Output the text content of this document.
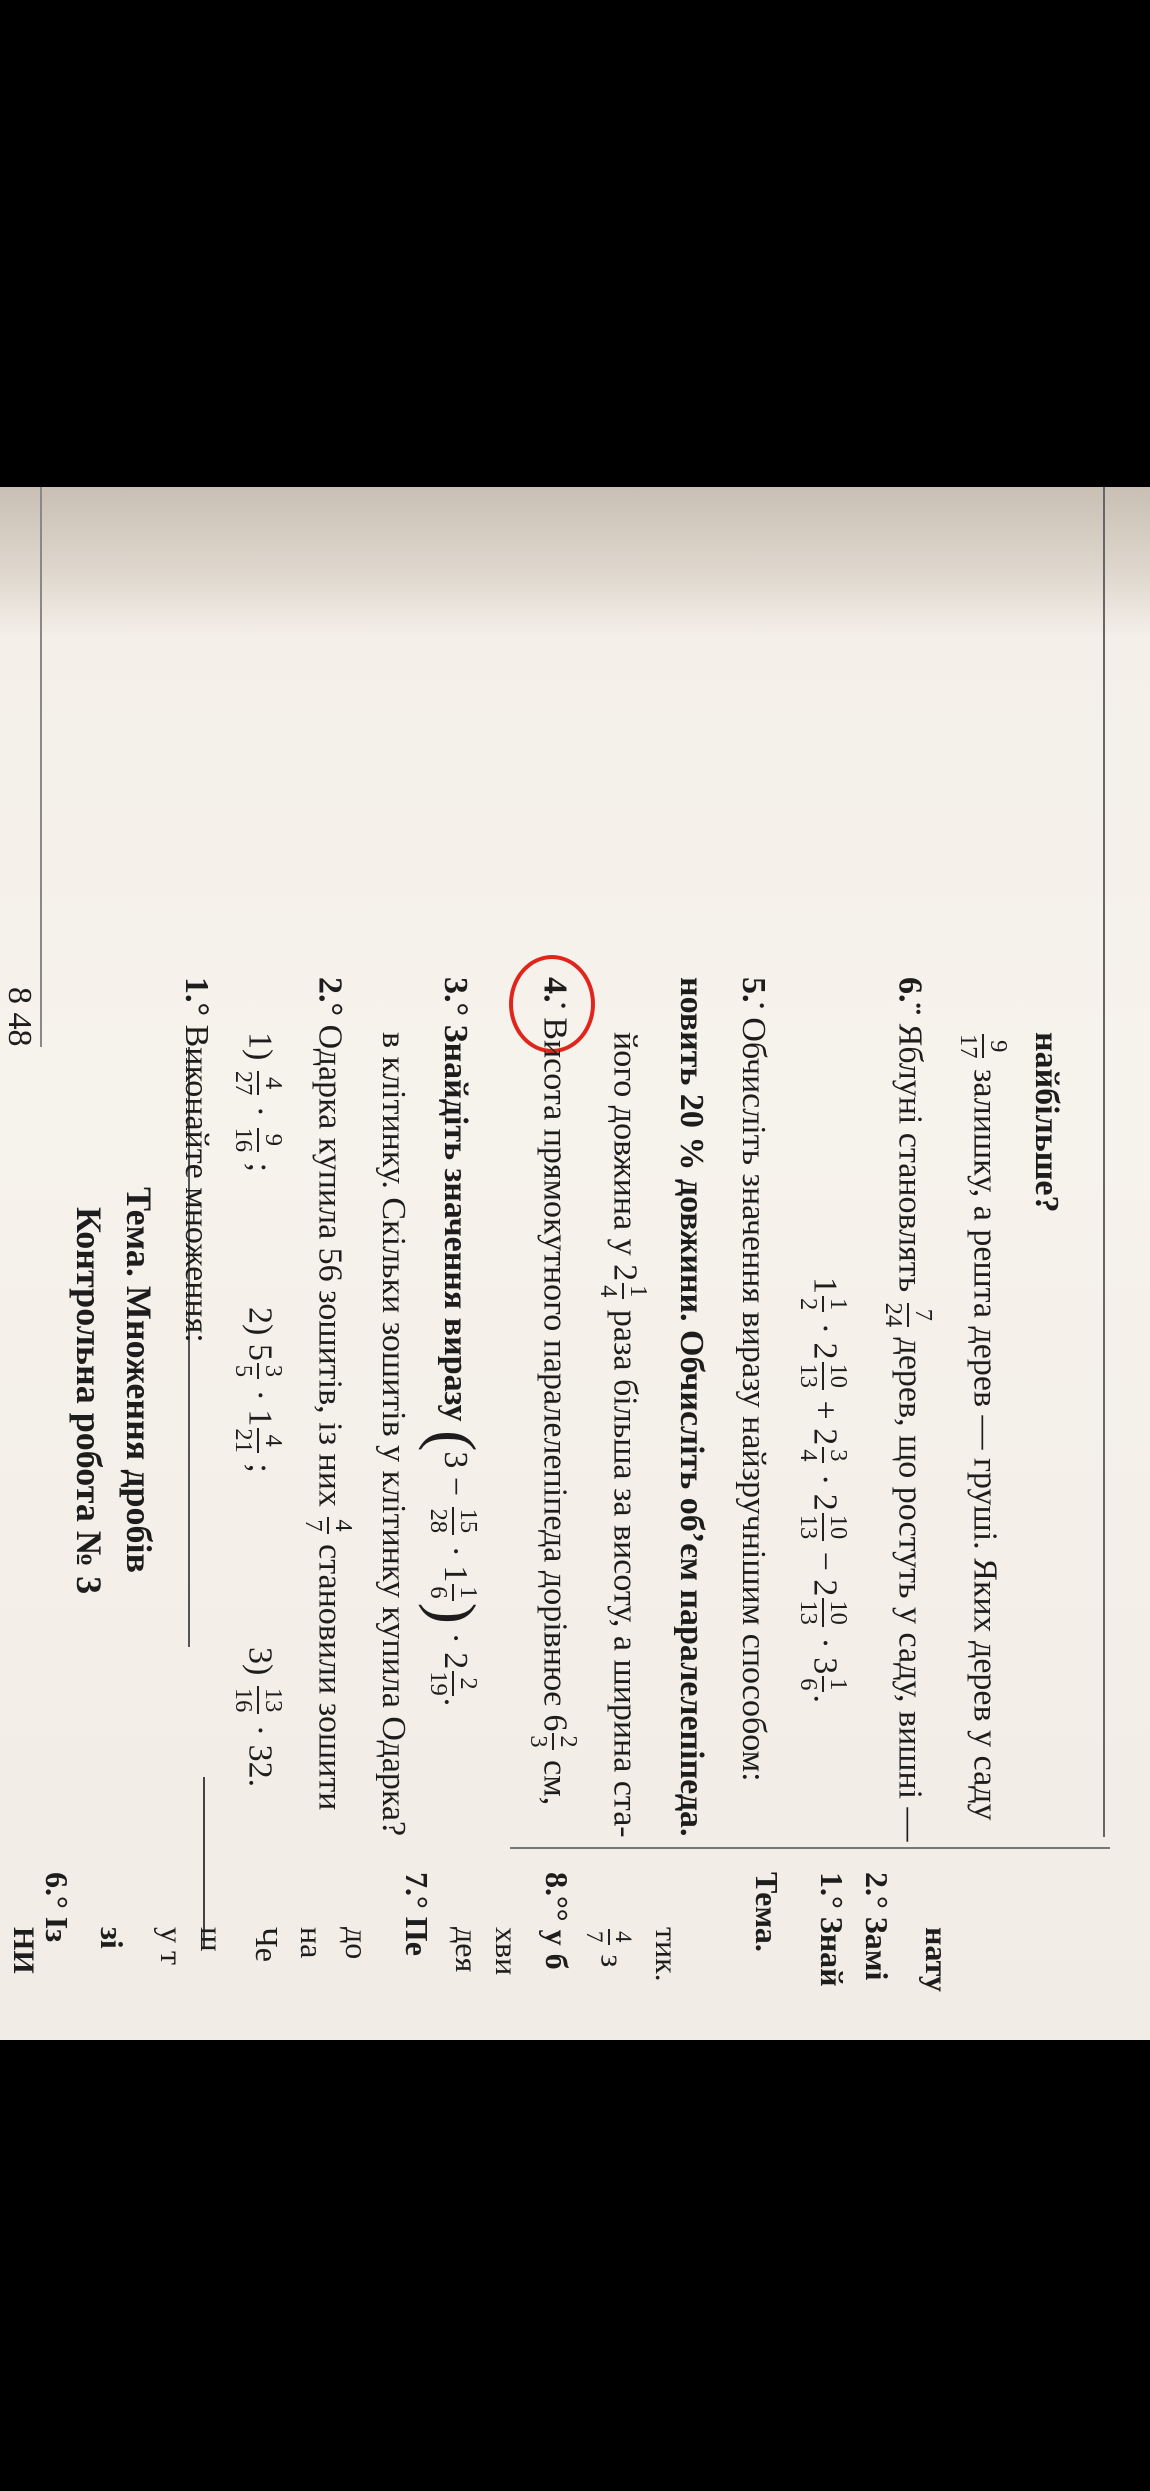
8 48
Контрольна робота № 3 Тема. Множення дробів
1.° Виконайте множення: 1)
4
27
·
9
16
;
2) 5
3
5
· 1
4
21
;
3)
13
16
· 32.
2.° Одарка купила 56 зошитів, із них
4
7
становили зошити в клітинку. Скільки зошитів у клітинку купила Одарка?
3.° Знайдіть значення виразу (3 −
15
28
· 1
1
6
) · 2
2
19
.
4.• Висота прямокутного паралелепіпеда дорівнює 6
2
3
см,
його довжина у 2
1
4
раза більша за висоту, а ширина ста- новить 20 % довжини. Обчисліть об’єм паралелепіпеда. 5.• Обчисліть значення виразу найзручнішим способом:	1
1
2
· 2
10
13
+ 2
3
4
· 2
10
13
− 2
10
13
· 3
1
6
.
6.•• Яблуні становлять
7
24
дерев, що ростуть у саду, вишні —
9
17
залишку, а решта дерев — груші. Яких дерев у саду найбільше?
6.° Із зі у т ш Че на до
7.° Пе дея хви
8.°° у б 4
7
з тик.
Тема. 1.° Знай
2.° Замі нату
НИ
